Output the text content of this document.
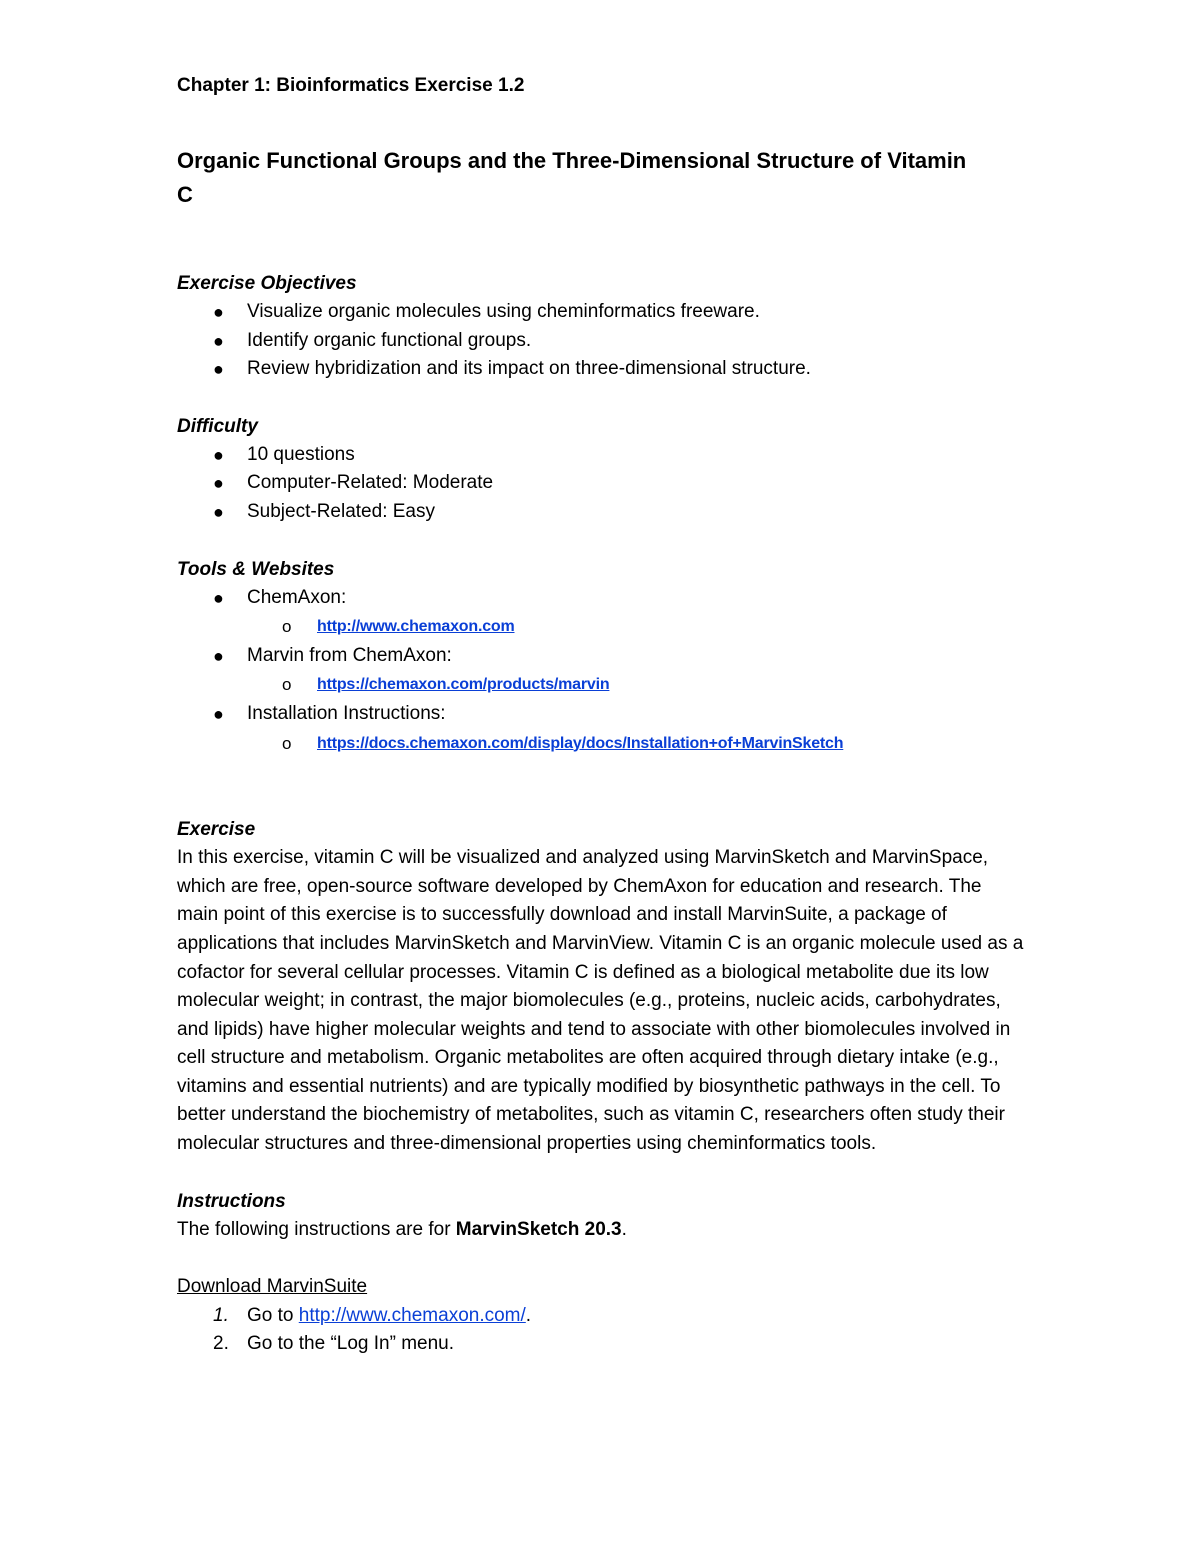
Chapter 1: Bioinformatics Exercise 1.2

Organic Functional Groups and the Three-Dimensional Structure of Vitamin C

Exercise Objectives

● Visualize organic molecules using cheminformatics freeware.
● Identify organic functional groups.
● Review hybridization and its impact on three-dimensional structure.

Difficulty

● 10 questions
● Computer-Related: Moderate
● Subject-Related: Easy

Tools & Websites

● ChemAxon:
o http://www.chemaxon.com
● Marvin from ChemAxon:
o https://chemaxon.com/products/marvin
● Installation Instructions:
o https://docs.chemaxon.com/display/docs/Installation+of+MarvinSketch

Exercise

In this exercise, vitamin C will be visualized and analyzed using MarvinSketch and MarvinSpace, which are free, open-source software developed by ChemAxon for education and research. The main point of this exercise is to successfully download and install MarvinSuite, a package of applications that includes MarvinSketch and MarvinView. Vitamin C is an organic molecule used as a cofactor for several cellular processes. Vitamin C is defined as a biological metabolite due its low molecular weight; in contrast, the major biomolecules (e.g., proteins, nucleic acids, carbohydrates, and lipids) have higher molecular weights and tend to associate with other biomolecules involved in cell structure and metabolism. Organic metabolites are often acquired through dietary intake (e.g., vitamins and essential nutrients) and are typically modified by biosynthetic pathways in the cell. To better understand the biochemistry of metabolites, such as vitamin C, researchers often study their molecular structures and three-dimensional properties using cheminformatics tools.

Instructions

The following instructions are for MarvinSketch 20.3.

Download MarvinSuite

1. Go to http://www.chemaxon.com/.
2. Go to the “Log In” menu.
